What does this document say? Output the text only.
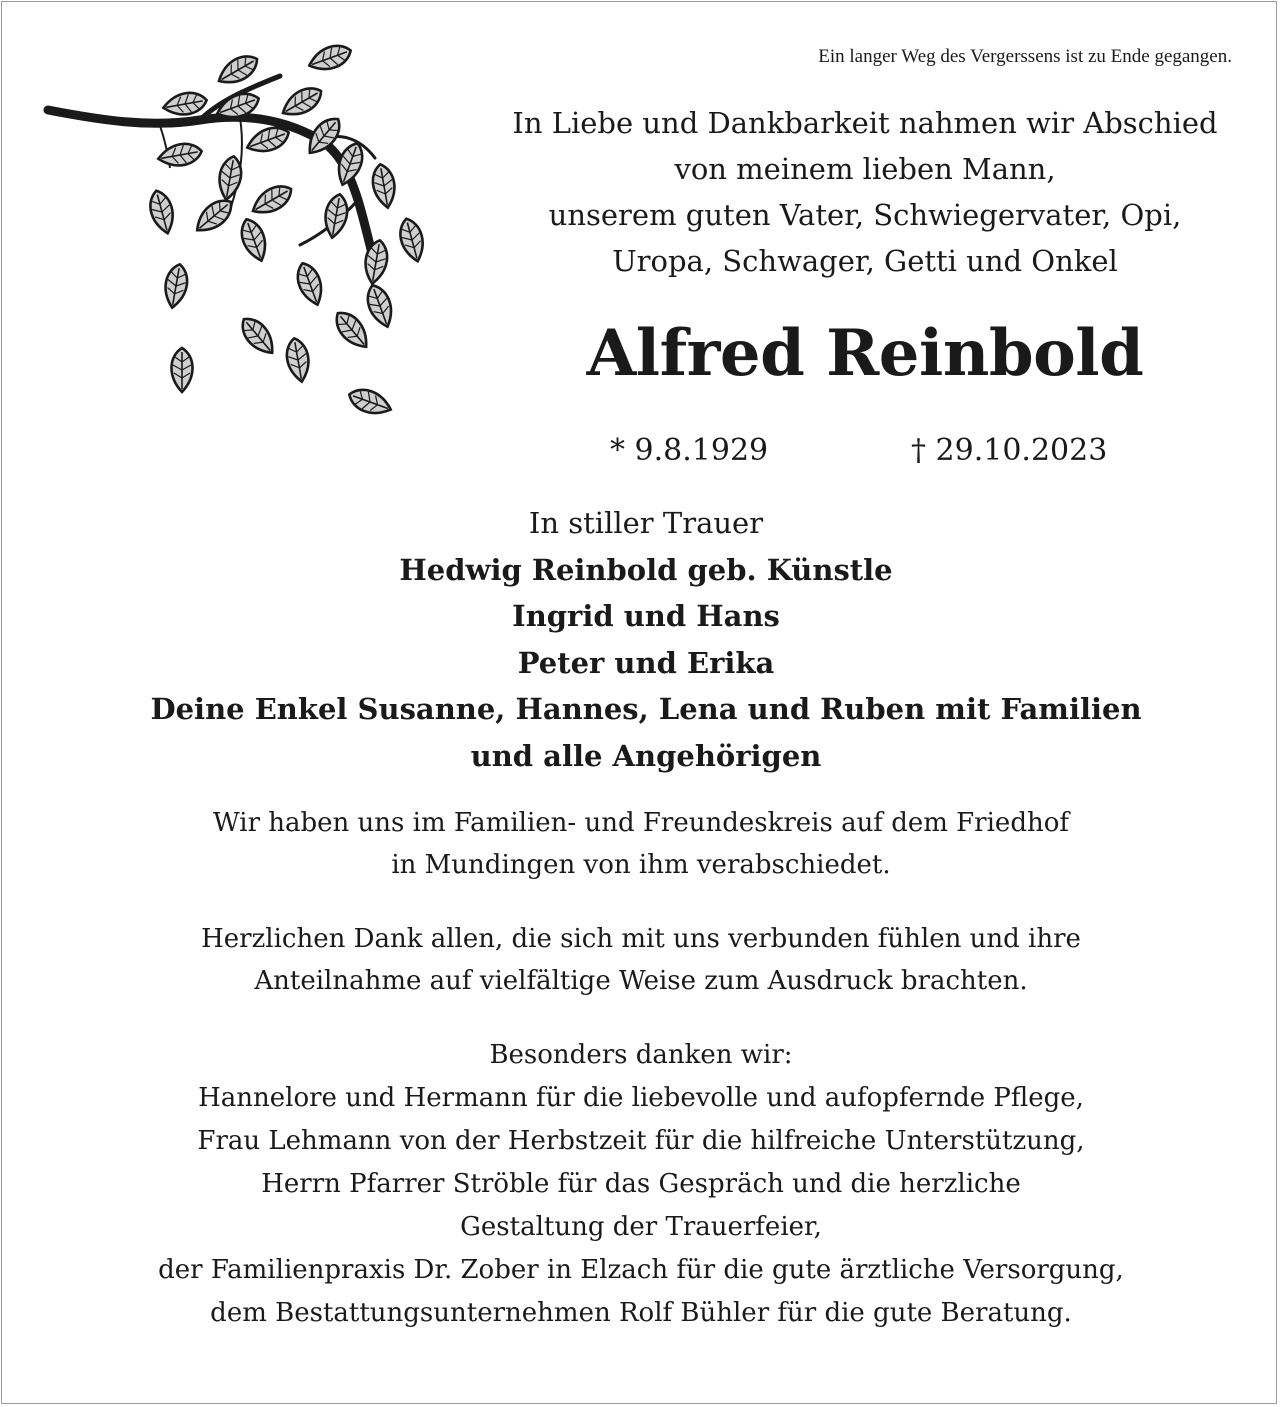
Ein langer Weg des Vergerssens ist zu Ende gegangen.
In Liebe und Dankbarkeit nahmen wir Abschied
von meinem lieben Mann,
unserem guten Vater, Schwiegervater, Opi,
Uropa, Schwager, Getti und Onkel
Alfred Reinbold
* 9.8.1929	† 29.10.2023
In stiller Trauer
Hedwig Reinbold geb. Künstle
Ingrid und Hans
Peter und Erika
Deine Enkel Susanne, Hannes, Lena und Ruben mit Familien
und alle Angehörigen
Wir haben uns im Familien- und Freundeskreis auf dem Friedhof
in Mundingen von ihm verabschiedet.
Herzlichen Dank allen, die sich mit uns verbunden fühlen und ihre
Anteilnahme auf vielfältige Weise zum Ausdruck brachten.
Besonders danken wir:
Hannelore und Hermann für die liebevolle und aufopfernde Pflege,
Frau Lehmann von der Herbstzeit für die hilfreiche Unterstützung,
Herrn Pfarrer Ströble für das Gespräch und die herzliche
Gestaltung der Trauerfeier,
der Familienpraxis Dr. Zober in Elzach für die gute ärztliche Versorgung,
dem Bestattungsunternehmen Rolf Bühler für die gute Beratung.
